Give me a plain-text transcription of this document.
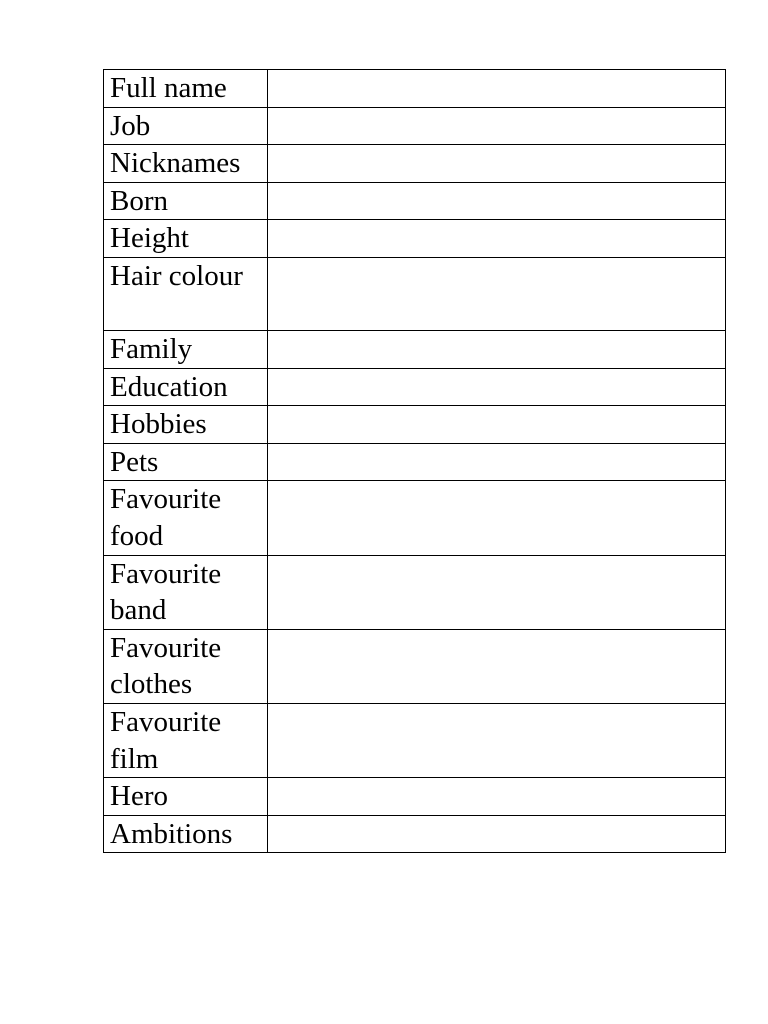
Full name	
Job	
Nicknames	
Born	
Height	
Hair colour	
Family	
Education	
Hobbies	
Pets	
Favourite food	
Favourite band	
Favourite clothes	
Favourite film	
Hero	
Ambitions	
